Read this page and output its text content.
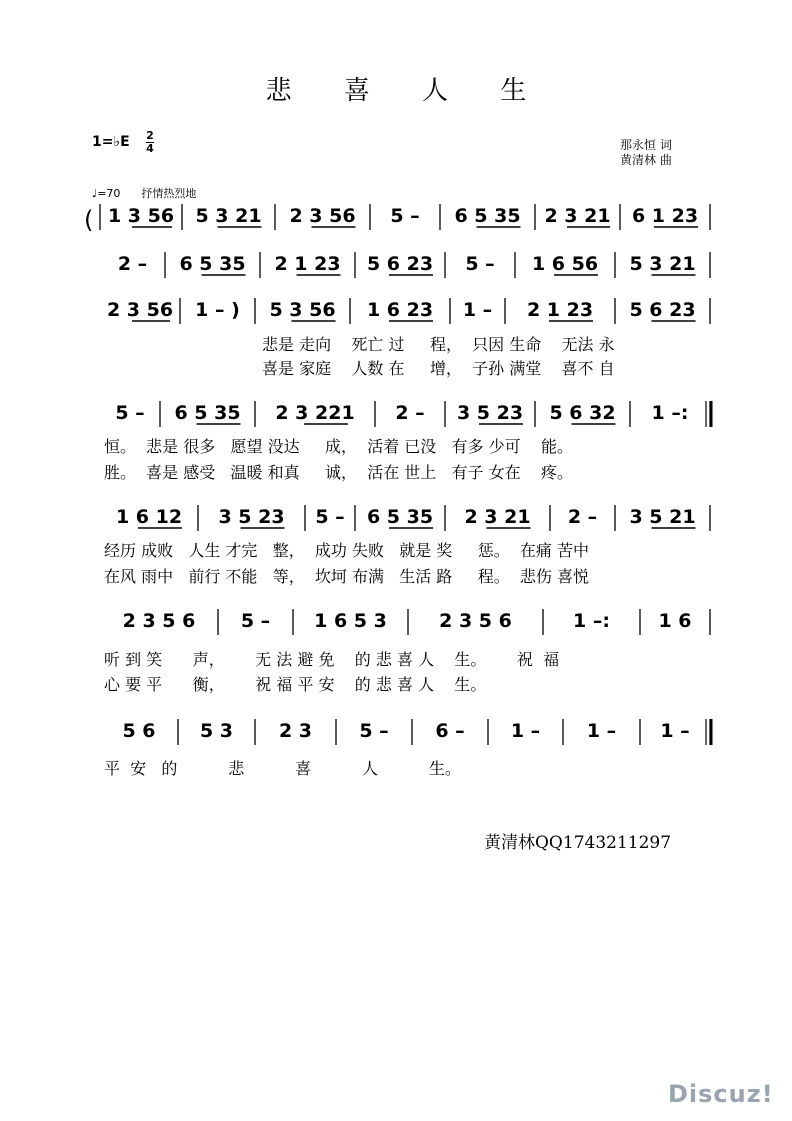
悲 喜 人 生
1=♭E 2
4	那永恒 词
黄清林 曲
♩=70 抒情热烈地
( 1 3 56 5 3 21 2 3 56 5 – 6 5 35 2 3 21 6 1 23
2 – 6 5 35 2 1 23 5 6 23 5 – 1 6 56 5 3 21
2 3 56 1 – ) 5 3 56 1 6 23 1 – 2 1 23 5 6 23
悲是 走向    死亡 过     程，  只因 生命    无法 永
喜是 家庭    人数 在     增，  子孙 满堂    喜不 自
5 – 6 5 35 2 3 221 2 – 3 5 23 5 6 32 1 –:
恒。  悲是 很多   愿望 没达     成，  活着 已没   有多 少可    能。
胜。  喜是 感受   温暖 和真     诚，  活在 世上   有子 女在    疼。
1 6 12 3 5 23 5 – 6 5 35 2 3 21 2 – 3 5 21
经历 成败   人生 才完   整，  成功 失败   就是 奖     惩。  在痛 苦中
在风 雨中   前行 不能   等，  坎坷 布满   生活 路     程。  悲伤 喜悦
2 3 5 6 5 – 1 6 5 3	2 3 5 6	1 –:	1 6
听 到 笑      声，      无 法 避 免    的 悲 喜 人    生。      祝  福
心 要 平      衡，      祝 福 平 安    的 悲 喜 人    生。
5 6 5 3 2 3 5 – 6 – 1 – 1 – 1 –
平  安   的          悲          喜          人          生。
黄清林QQ1743211297
Discuz!
